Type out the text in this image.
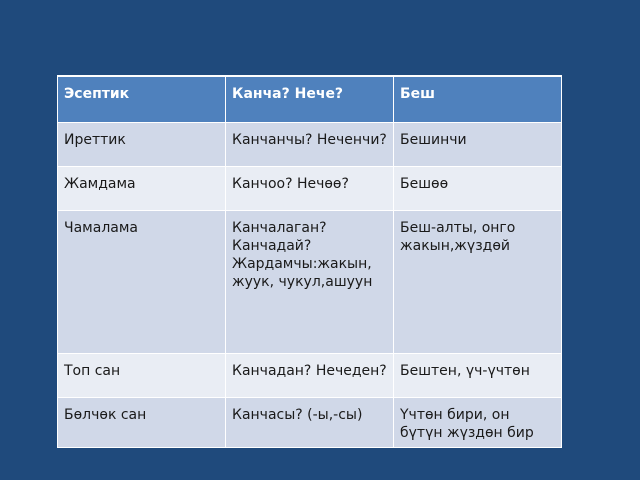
Эсептик	Канча? Нече?	Беш
Иреттик	Канчанчы? Неченчи?	Бешинчи
Жамдама	Канчоо? Нечөө?	Бешөө
Чамалама	Канчалаган? Канчадай? Жардамчы:жакын, жуук, чукул,ашуун	Беш-алты, онго жакын,жүздөй
Топ сан	Канчадан? Нечеден?	Бештен, үч-үчтөн
Бөлчөк сан	Канчасы? (-ы,-сы)	Үчтөн бири, он бүтүн жүздөн бир
